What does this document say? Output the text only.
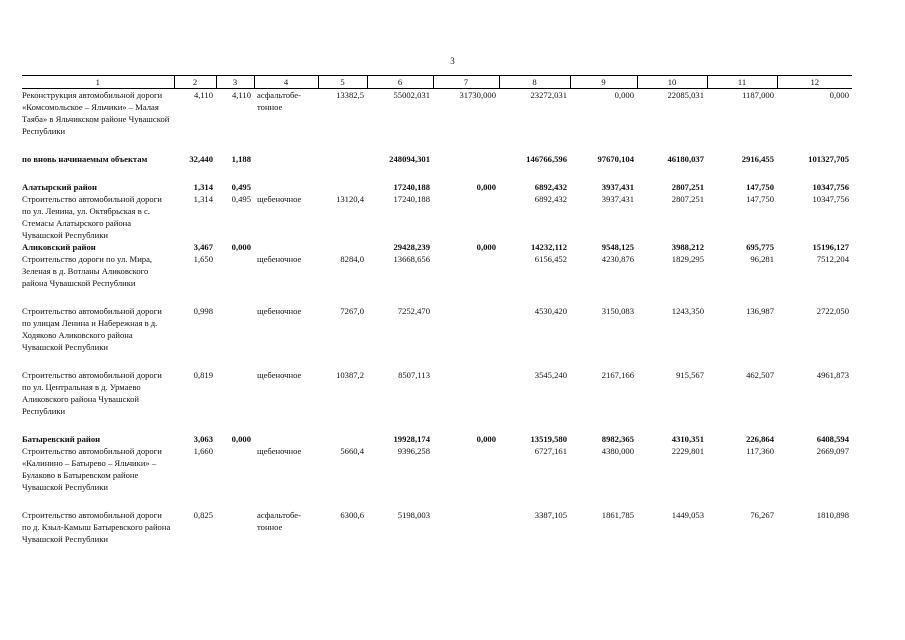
3
1	2	3	4	5	6	7	8	9	10	11	12
Реконструкция автомобильной дороги «Комсомольское – Яльчики» – Малая Таяба» в Яльчикском районе Чувашской Республики	4,110	4,110	асфальтобе-тонное	13382,5	55002,031	31730,000	23272,031	0,000	22085,031	1187,000	0,000

по вновь начинаемым объектам	32,440	1,188			248094,301		146766,596	97670,104	46180,037	2916,455	101327,705

Алатырский район	1,314	0,495			17240,188	0,000	6892,432	3937,431	2807,251	147,750	10347,756
Строительство автомобильной дороги по ул. Ленина, ул. Октябрьская в с. Стемасы Алатырского района Чувашской Республики	1,314	0,495	щебеночное	13120,4	17240,188		6892,432	3937,431	2807,251	147,750	10347,756
Аликовский район	3,467	0,000			29428,239	0,000	14232,112	9548,125	3988,212	695,775	15196,127
Строительство дороги по ул. Мира, Зеленая в д. Вотланы Аликовского района Чувашской Республики	1,650		щебеночное	8284,0	13668,656		6156,452	4230,876	1829,295	96,281	7512,204

Строительство автомобильной дороги по улицам Ленина и Набережная в д. Ходяково Аликовского района Чувашской Республики	0,998		щебеночное	7267,0	7252,470		4530,420	3150,083	1243,350	136,987	2722,050

Строительство автомобильной дороги по ул. Центральная в д. Урмаево Аликовского района Чувашской Республики	0,819		щебеночное	10387,2	8507,113		3545,240	2167,166	915,567	462,507	4961,873

Батыревский район	3,063	0,000			19928,174	0,000	13519,580	8982,365	4310,351	226,864	6408,594
Строительство автомобильной дороги «Калинино – Батырево – Яльчики» – Булаково в Батыревском районе Чувашской Республики	1,660		щебеночное	5660,4	9396,258		6727,161	4380,000	2229,801	117,360	2669,097

Строительство автомобильной дороги по д. Кзыл-Камыш Батыревского района Чувашской Республики	0,825		асфальтобе-тонное	6300,6	5198,003		3387,105	1861,785	1449,053	76,267	1810,898
